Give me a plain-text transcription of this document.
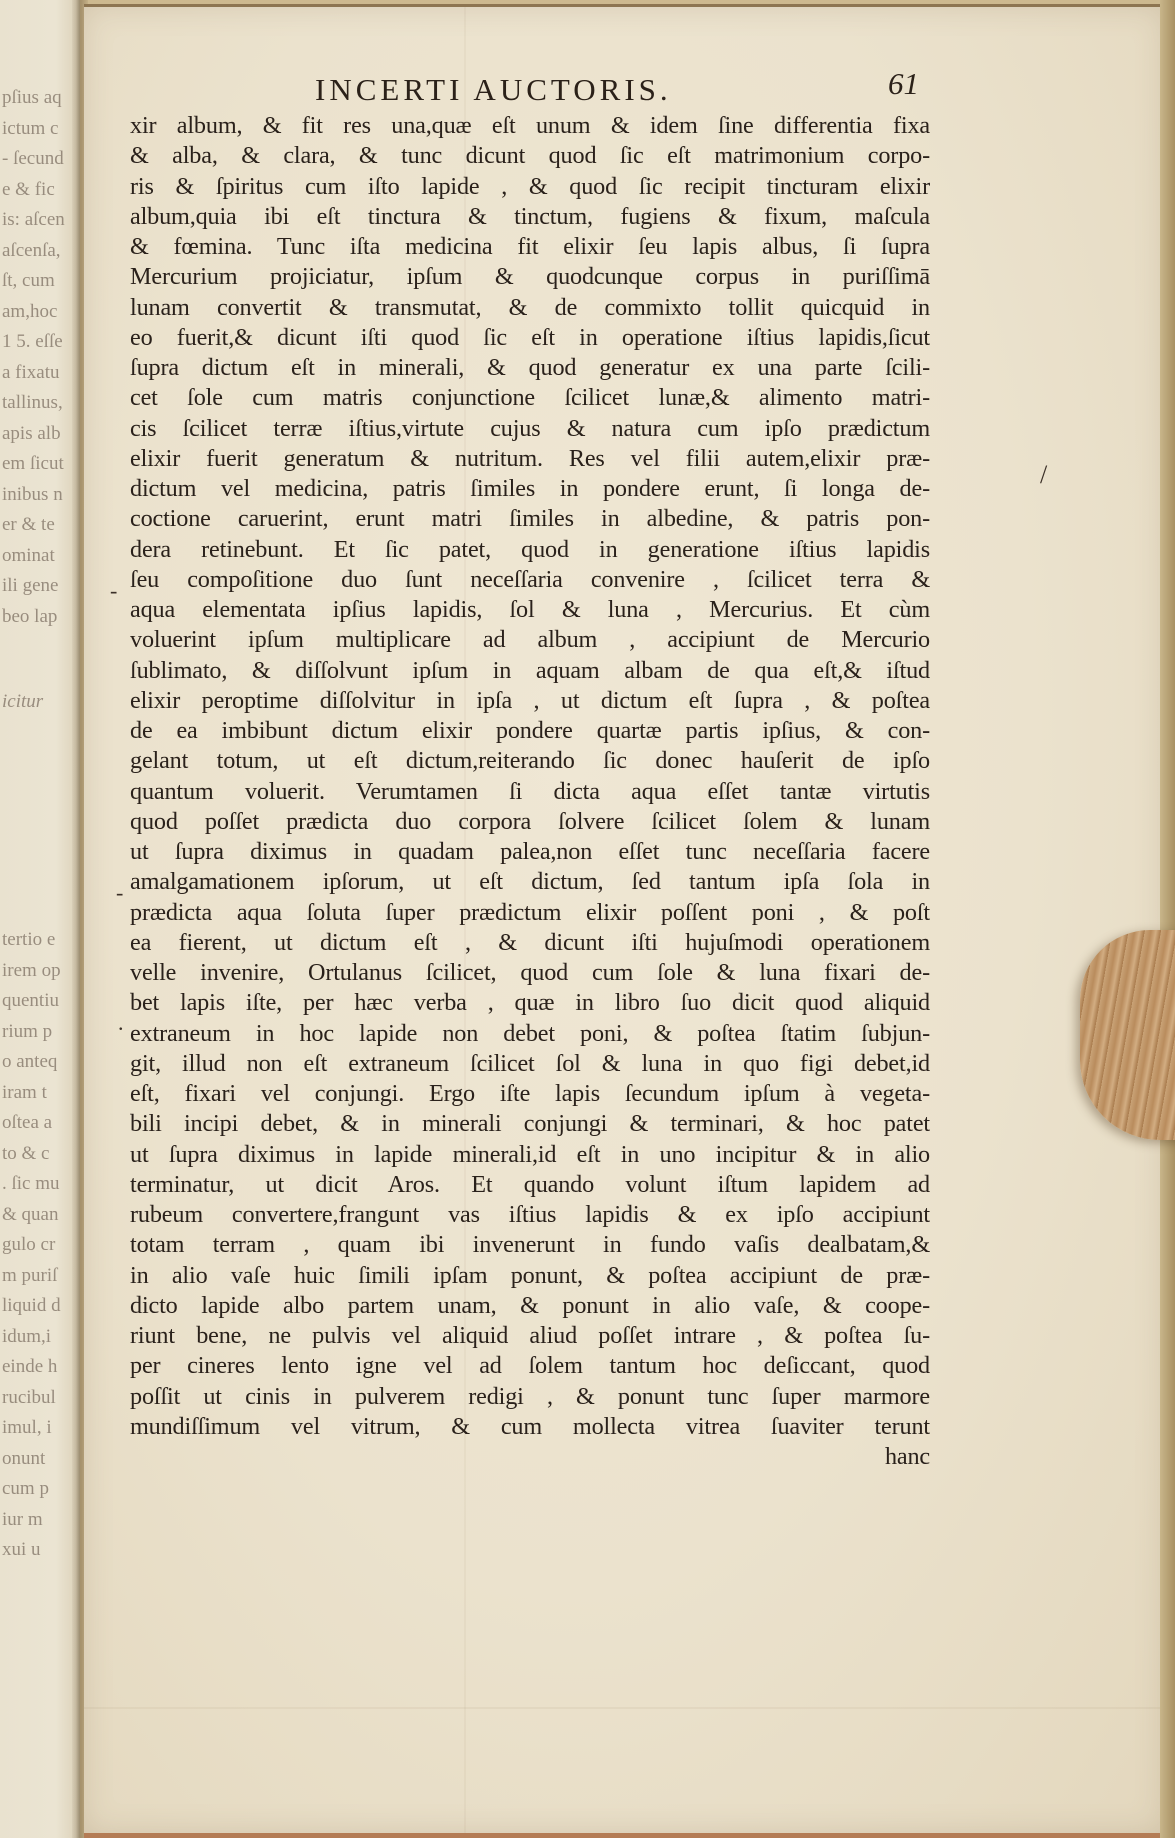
pſius aq
ictum c
- ſecund
e & fic
is: aſcen
aſcenſa,
ſt, cum
am,hoc
1 5. eſſe
a fixatu
tallinus,
apis alb
em ſicut
inibus n
er & te
ominat
ili gene
beo lap
icitur
tertio e
irem op
quentiu
rium p
o anteq
iram t
oſtea a
to & c
. ſic mu
& quan
gulo cr
m puriſ
liquid d
idum,i
einde h
rucibul
imul, i
onunt
cum p
iur m
xui u
INCERTI AUCTORIS.	61
xir album, & fit res una,quæ eſt unum & idem ſine differentia fixa
& alba, & clara, & tunc dicunt quod ſic eſt matrimonium corpo-
ris & ſpiritus cum iſto lapide , & quod ſic recipit tincturam elixir
album,quia ibi eſt tinctura & tinctum, fugiens & fixum, maſcula
& fœmina. Tunc iſta medicina fit elixir ſeu lapis albus, ſi ſupra
Mercurium projiciatur, ipſum & quodcunque corpus in puriſſimā
lunam convertit & transmutat, & de commixto tollit quicquid in
eo fuerit,& dicunt iſti quod ſic eſt in operatione iſtius lapidis,ſicut
ſupra dictum eſt in minerali, & quod generatur ex una parte ſcili-
cet ſole cum matris conjunctione ſcilicet lunæ,& alimento matri-
cis ſcilicet terræ iſtius,virtute cujus & natura cum ipſo prædictum
elixir fuerit generatum & nutritum. Res vel filii autem,elixir præ-
dictum vel medicina, patris ſimiles in pondere erunt, ſi longa de-
coctione caruerint, erunt matri ſimiles in albedine, & patris pon-
dera retinebunt. Et ſic patet, quod in generatione iſtius lapidis
ſeu compoſitione duo ſunt neceſſaria convenire , ſcilicet terra &
aqua elementata ipſius lapidis, ſol & luna , Mercurius. Et cùm
voluerint ipſum multiplicare ad album , accipiunt de Mercurio
ſublimato, & diſſolvunt ipſum in aquam albam de qua eſt,& iſtud
elixir peroptime diſſolvitur in ipſa , ut dictum eſt ſupra , & poſtea
de ea imbibunt dictum elixir pondere quartæ partis ipſius, & con-
gelant totum, ut eſt dictum,reiterando ſic donec hauſerit de ipſo
quantum voluerit. Verumtamen ſi dicta aqua eſſet tantæ virtutis
quod poſſet prædicta duo corpora ſolvere ſcilicet ſolem & lunam
ut ſupra diximus in quadam palea,non eſſet tunc neceſſaria facere
amalgamationem ipſorum, ut eſt dictum, ſed tantum ipſa ſola in
prædicta aqua ſoluta ſuper prædictum elixir poſſent poni , & poſt
ea fierent, ut dictum eſt , & dicunt iſti hujuſmodi operationem
velle invenire, Ortulanus ſcilicet, quod cum ſole & luna fixari de-
bet lapis iſte, per hæc verba , quæ in libro ſuo dicit quod aliquid
extraneum in hoc lapide non debet poni, & poſtea ſtatim ſubjun-
git, illud non eſt extraneum ſcilicet ſol & luna in quo figi debet,id
eſt, fixari vel conjungi. Ergo iſte lapis ſecundum ipſum à vegeta-
bili incipi debet, & in minerali conjungi & terminari, & hoc patet
ut ſupra diximus in lapide minerali,id eſt in uno incipitur & in alio
terminatur, ut dicit Aros. Et quando volunt iſtum lapidem ad
rubeum convertere,frangunt vas iſtius lapidis & ex ipſo accipiunt
totam terram , quam ibi invenerunt in fundo vaſis dealbatam,&
in alio vaſe huic ſimili ipſam ponunt, & poſtea accipiunt de præ-
dicto lapide albo partem unam, & ponunt in alio vaſe, & coope-
riunt bene, ne pulvis vel aliquid aliud poſſet intrare , & poſtea ſu-
per cineres lento igne vel ad ſolem tantum hoc deſiccant, quod
poſſit ut cinis in pulverem redigi , & ponunt tunc ſuper marmore
mundiſſimum vel vitrum, & cum mollecta vitrea ſuaviter terunt
hanc
-
-
.
/
